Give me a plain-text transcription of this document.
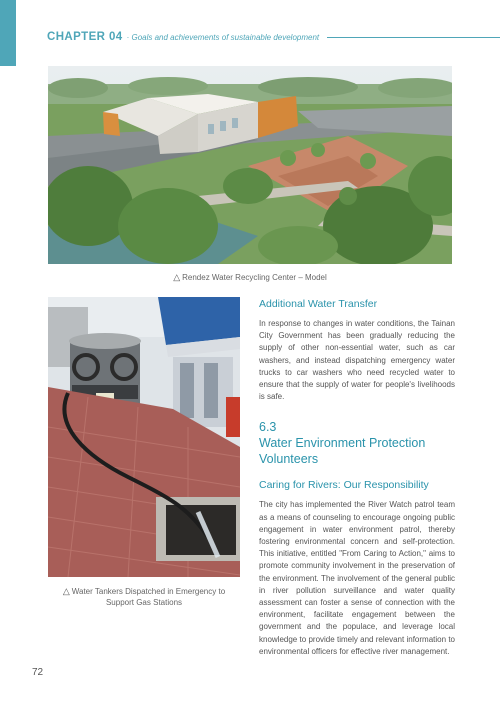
CHAPTER 04 · Goals and achievements of sustainable development
△ Rendez Water Recycling Center – Model
△ Water Tankers Dispatched in Emergency to
Support Gas Stations
Additional Water Transfer

In response to changes in water conditions, the Tainan City Government has been gradually reducing the supply of other non-essential water, such as car washers, and instead dispatching emergency water trucks to car washers who need recycled water to ensure that the supply of water for people's livelihoods is safe.

6.3
Water Environment Protection
Volunteers
Caring for Rivers: Our Responsibility

The city has implemented the River Watch patrol team as a means of counseling to encourage ongoing public engagement in water environment patrol, thereby fostering environmental concern and self-protection. This initiative, entitled "From Caring to Action," aims to promote community involvement in the preservation of the environment. The involvement of the general public in river pollution surveillance and water quality assessment can foster a sense of connection with the environment, facilitate engagement between the government and the populace, and leverage local knowledge to provide timely and relevant information to environmental officers for effective river management.

72
